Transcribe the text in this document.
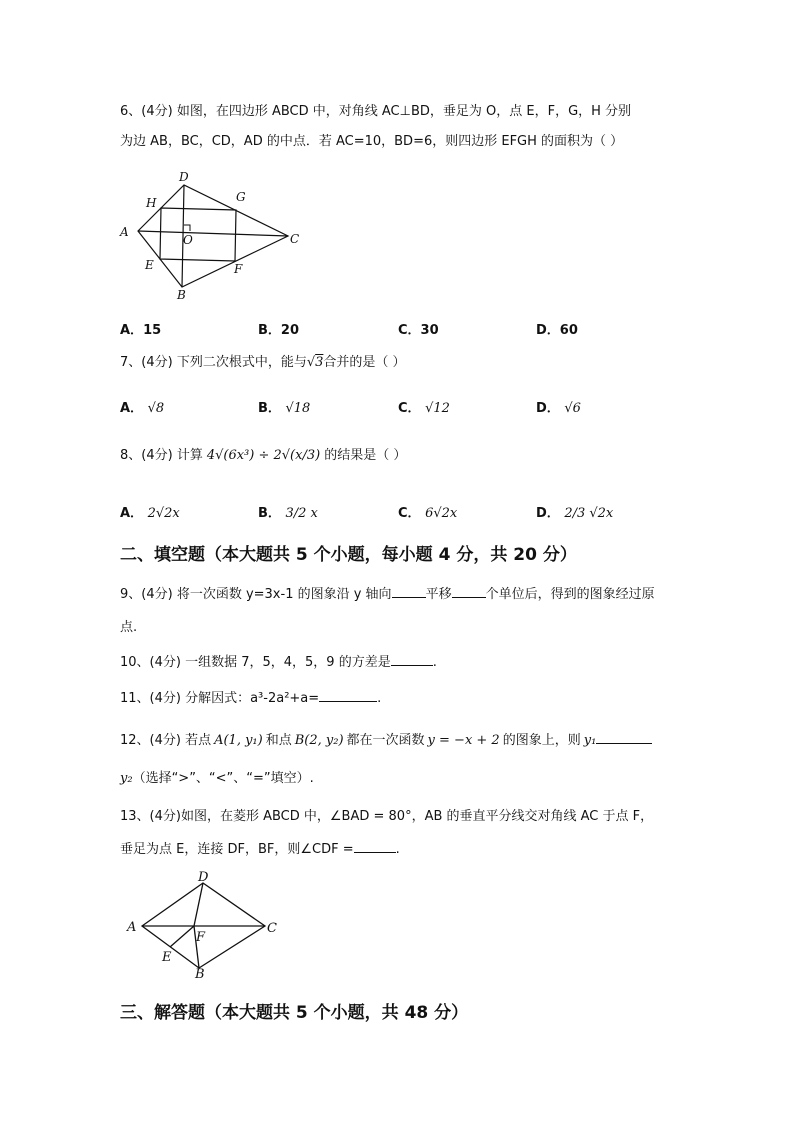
6、(4分) 如图，在四边形 ABCD 中，对角线 AC⊥BD，垂足为 O，点 E，F，G，H 分别
为边 AB，BC，CD，AD 的中点．若 AC=10，BD=6，则四边形 EFGH 的面积为（ ）
D
H	G
A
O	C
E	F
B
A．15	B．20	C．30	D．60
7、(4分) 下列二次根式中，能与√3合并的是（ ）
A． √8	B． √18	C． √12	D． √6
8、(4分) 计算 4√(6x³) ÷ 2√(x/3) 的结果是（ ）
A． 2√2x	B． 3/2 x	C． 6√2x	D． 2/3 √2x
二、填空题（本大题共 5 个小题，每小题 4 分，共 20 分）
9、(4分) 将一次函数 y=3x-1 的图象沿 y 轴向	平移	个单位后，得到的图象经过原
点.
10、(4分) 一组数据 7，5，4，5，9 的方差是	.
11、(4分) 分解因式：a³-2a²+a=	.
12、(4分) 若点 A(1, y₁) 和点 B(2, y₂) 都在一次函数 y = −x + 2 的图象上，则 y₁
y₂（选择“>”、“<”、“=”填空）.
13、(4分)如图，在菱形 ABCD 中，∠BAD = 80°，AB 的垂直平分线交对角线 AC 于点 F，
垂足为点 E，连接 DF，BF，则∠CDF =	.
D
A
F
C
E
B
三、解答题（本大题共 5 个小题，共 48 分）
